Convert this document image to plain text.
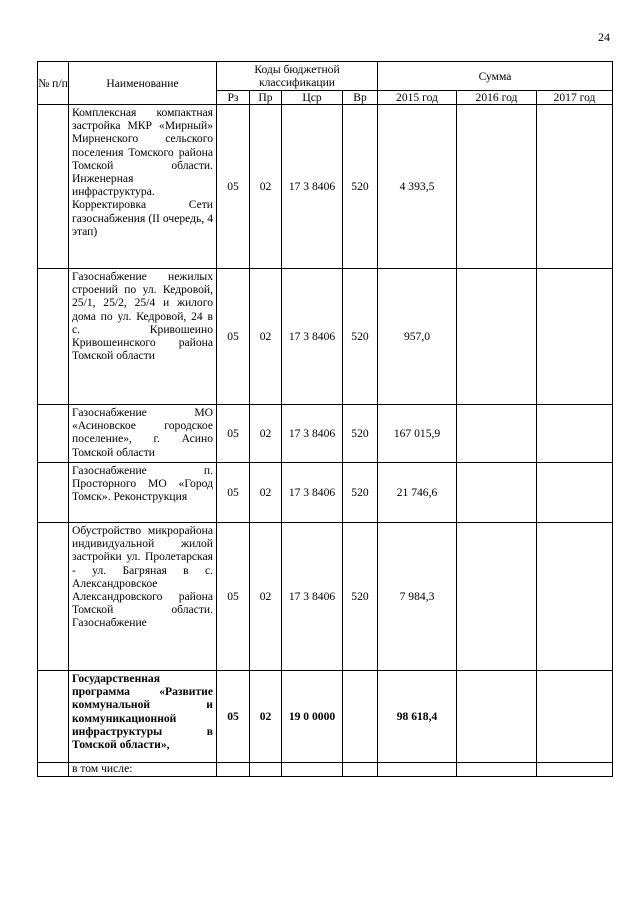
24
№ п/п	Наименование	Коды бюджетной классификации				Сумма		
		Рз	Пр	Цср	Вр	2015 год	2016 год	2017 год
	Комплексная компактная застройка МКР «Мирный» Мирненского сельского поселения Томского района Томской области. Инженерная инфраструктура. Корректировка Сети газоснабжения (II очередь, 4 этап)	05	02	17 3 8406	520	4 393,5		
	Газоснабжение нежилых строений по ул. Кедровой, 25/1, 25/2, 25/4 и жилого дома по ул. Кедровой, 24 в с. Кривошеино Кривошеинского района Томской области	05	02	17 3 8406	520	957,0		
	Газоснабжение МО «Асиновское городское поселение», г. Асино Томской области	05	02	17 3 8406	520	167 015,9		
	Газоснабжение п. Просторного МО «Город Томск». Реконструкция	05	02	17 3 8406	520	21 746,6		
	Обустройство микрорайона индивидуальной жилой застройки ул. Пролетарская - ул. Багряная в с. Александровское Александровского района Томской области. Газоснабжение	05	02	17 3 8406	520	7 984,3		
	Государственная программа «Развитие коммунальной и коммуникационной инфраструктуры в Томской области»,	05	02	19 0 0000		98 618,4		
	в том числе:							
